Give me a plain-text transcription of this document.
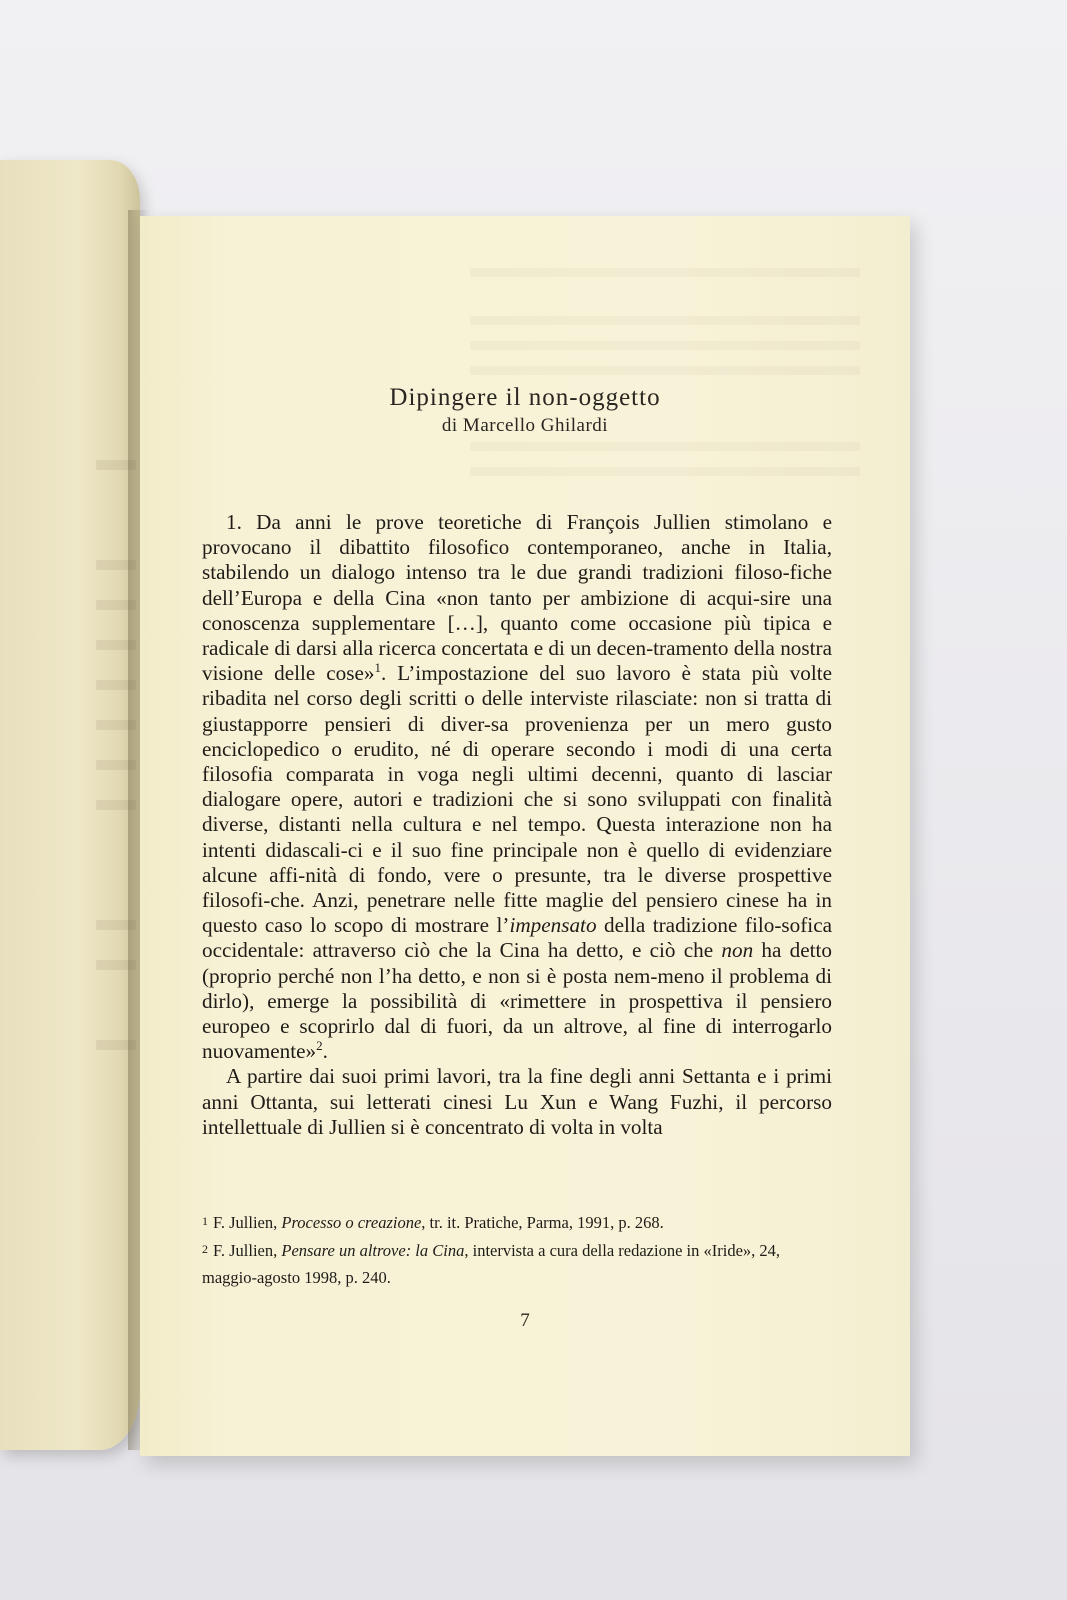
Dipingere il non-oggetto
di Marcello Ghilardi

1. Da anni le prove teoretiche di François Jullien stimolano e provocano il dibattito filosofico contemporaneo, anche in Italia, stabilendo un dialogo intenso tra le due grandi tradizioni filoso-fiche dell’Europa e della Cina «non tanto per ambizione di acqui-sire una conoscenza supplementare […], quanto come occasione più tipica e radicale di darsi alla ricerca concertata e di un decen-tramento della nostra visione delle cose»$^1$. L’impostazione del suo lavoro è stata più volte ribadita nel corso degli scritti o delle interviste rilasciate: non si tratta di giustapporre pensieri di diver-sa provenienza per un mero gusto enciclopedico o erudito, né di operare secondo i modi di una certa filosofia comparata in voga negli ultimi decenni, quanto di lasciar dialogare opere, autori e tradizioni che si sono sviluppati con finalità diverse, distanti nella cultura e nel tempo. Questa interazione non ha intenti didascali-ci e il suo fine principale non è quello di evidenziare alcune affi-nità di fondo, vere o presunte, tra le diverse prospettive filosofi-che. Anzi, penetrare nelle fitte maglie del pensiero cinese ha in questo caso lo scopo di mostrare l’impensato della tradizione filo-sofica occidentale: attraverso ciò che la Cina ha detto, e ciò che non ha detto (proprio perché non l’ha detto, e non si è posta nem-meno il problema di dirlo), emerge la possibilità di «rimettere in prospettiva il pensiero europeo e scoprirlo dal di fuori, da un altrove, al fine di interrogarlo nuovamente»$^2$.

A partire dai suoi primi lavori, tra la fine degli anni Settanta e i primi anni Ottanta, sui letterati cinesi Lu Xun e Wang Fuzhi, il percorso intellettuale di Jullien si è concentrato di volta in volta

1 F. Jullien, Processo o creazione, tr. it. Pratiche, Parma, 1991, p. 268.

2 F. Jullien, Pensare un altrove: la Cina, intervista a cura della redazione in «Iride», 24, maggio-agosto 1998, p. 240.

7
